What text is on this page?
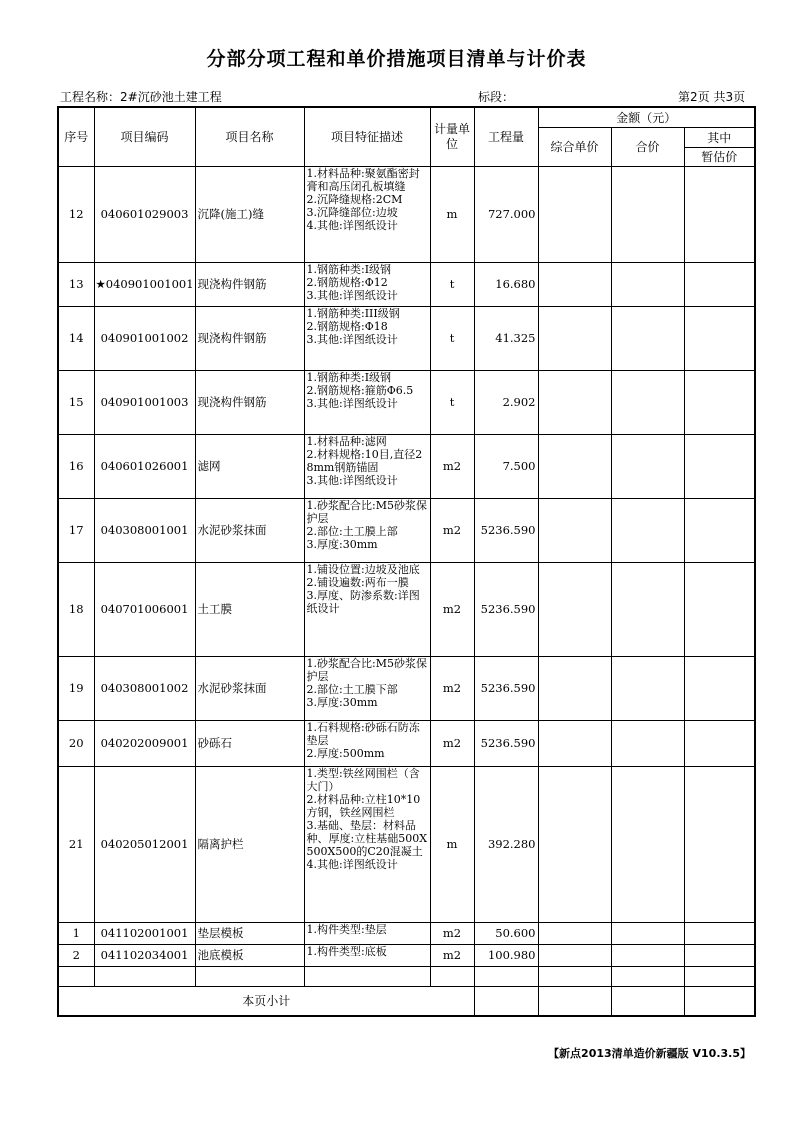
分部分项工程和单价措施项目清单与计价表
工程名称：2#沉砂池土建工程	标段：	第2页 共3页
序号	项目编码	项目名称	项目特征描述	计量单位	工程量	金额（元）		
						综合单价	合价	其中
								暂估价
12	040601029003	沉降(施工)缝	1.材料品种:聚氨酯密封膏和高压闭孔板填缝
2.沉降缝规格:2CM
3.沉降缝部位:边坡
4.其他:详图纸设计	m	727.000			
13	★040901001001	现浇构件钢筋	1.钢筋种类:I级钢
2.钢筋规格:Φ12
3.其他:详图纸设计	t	16.680			
14	040901001002	现浇构件钢筋	1.钢筋种类:III级钢
2.钢筋规格:Φ18
3.其他:详图纸设计	t	41.325			
15	040901001003	现浇构件钢筋	1.钢筋种类:I级钢
2.钢筋规格:箍筋Φ6.5
3.其他:详图纸设计	t	2.902			
16	040601026001	滤网	1.材料品种:滤网
2.材料规格:10目,直径28mm钢筋锚固
3.其他:详图纸设计	m2	7.500			
17	040308001001	水泥砂浆抹面	1.砂浆配合比:M5砂浆保护层
2.部位:土工膜上部
3.厚度:30mm	m2	5236.590			
18	040701006001	土工膜	1.铺设位置:边坡及池底
2.铺设遍数:两布一膜
3.厚度、防渗系数:详图纸设计	m2	5236.590			
19	040308001002	水泥砂浆抹面	1.砂浆配合比:M5砂浆保护层
2.部位:土工膜下部
3.厚度:30mm	m2	5236.590			
20	040202009001	砂砾石	1.石料规格:砂砾石防冻垫层
2.厚度:500mm	m2	5236.590			
21	040205012001	隔离护栏	1.类型:铁丝网围栏（含大门）
2.材料品种:立柱10*10方钢，铁丝网围栏
3.基础、垫层：材料品种、厚度:立柱基础500X500X500的C20混凝土
4.其他:详图纸设计	m	392.280			
1	041102001001	垫层模板	1.构件类型:垫层	m2	50.600			
2	041102034001	池底模板	1.构件类型:底板	m2	100.980			

本页小计								
【新点2013清单造价新疆版 V10.3.5】
